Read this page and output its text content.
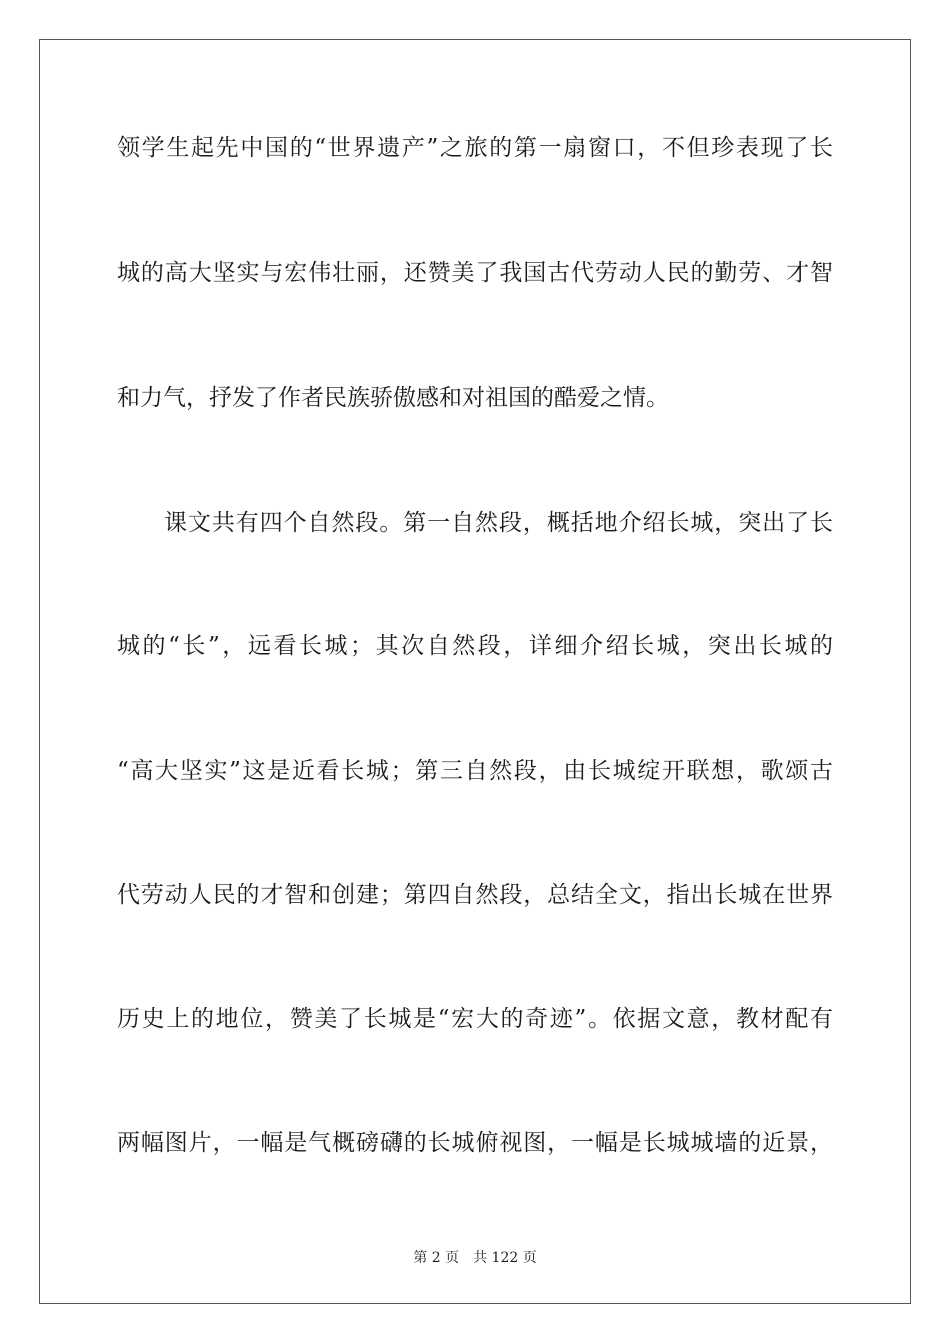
领学生起先中国的“世界遗产”之旅的第一扇窗口，不但珍表现了长
城的高大坚实与宏伟壮丽，还赞美了我国古代劳动人民的勤劳、才智
和力气，抒发了作者民族骄傲感和对祖国的酷爱之情。
课文共有四个自然段。第一自然段，概括地介绍长城，突出了长
城的“长”，远看长城；其次自然段，详细介绍长城，突出长城的
“高大坚实”这是近看长城；第三自然段，由长城绽开联想，歌颂古
代劳动人民的才智和创建；第四自然段，总结全文，指出长城在世界
历史上的地位，赞美了长城是“宏大的奇迹”。依据文意，教材配有
两幅图片，一幅是气概磅礴的长城俯视图，一幅是长城城墙的近景，
第 2 页　共 122 页
